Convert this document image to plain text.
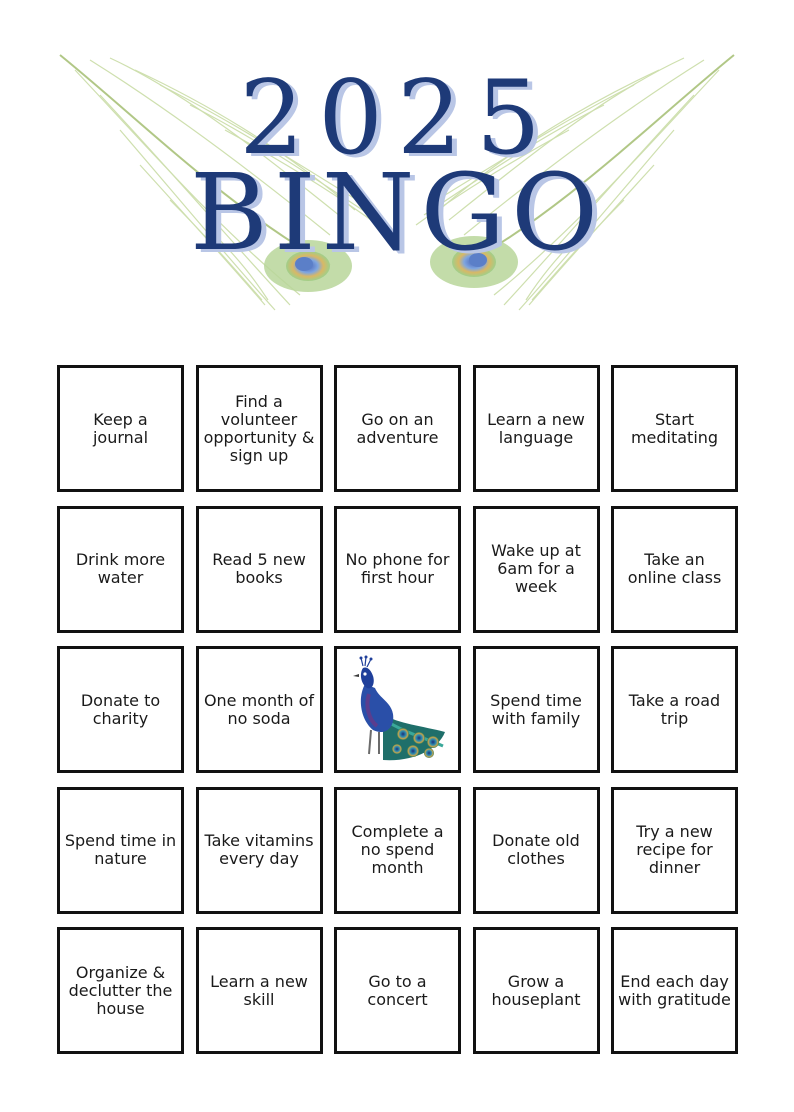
2025
BINGO
Keep a journal
Find a volunteer opportunity & sign up
Go on an adventure
Learn a new language
Start meditating
Drink more water
Read 5 new books
No phone for first hour
Wake up at 6am for a week
Take an online class
Donate to charity
One month of no soda
Spend time with family
Take a road trip
Spend time in nature
Take vitamins every day
Complete a no spend month
Donate old clothes
Try a new recipe for dinner
Organize & declutter the house
Learn a new skill
Go to a concert
Grow a houseplant
End each day with gratitude
